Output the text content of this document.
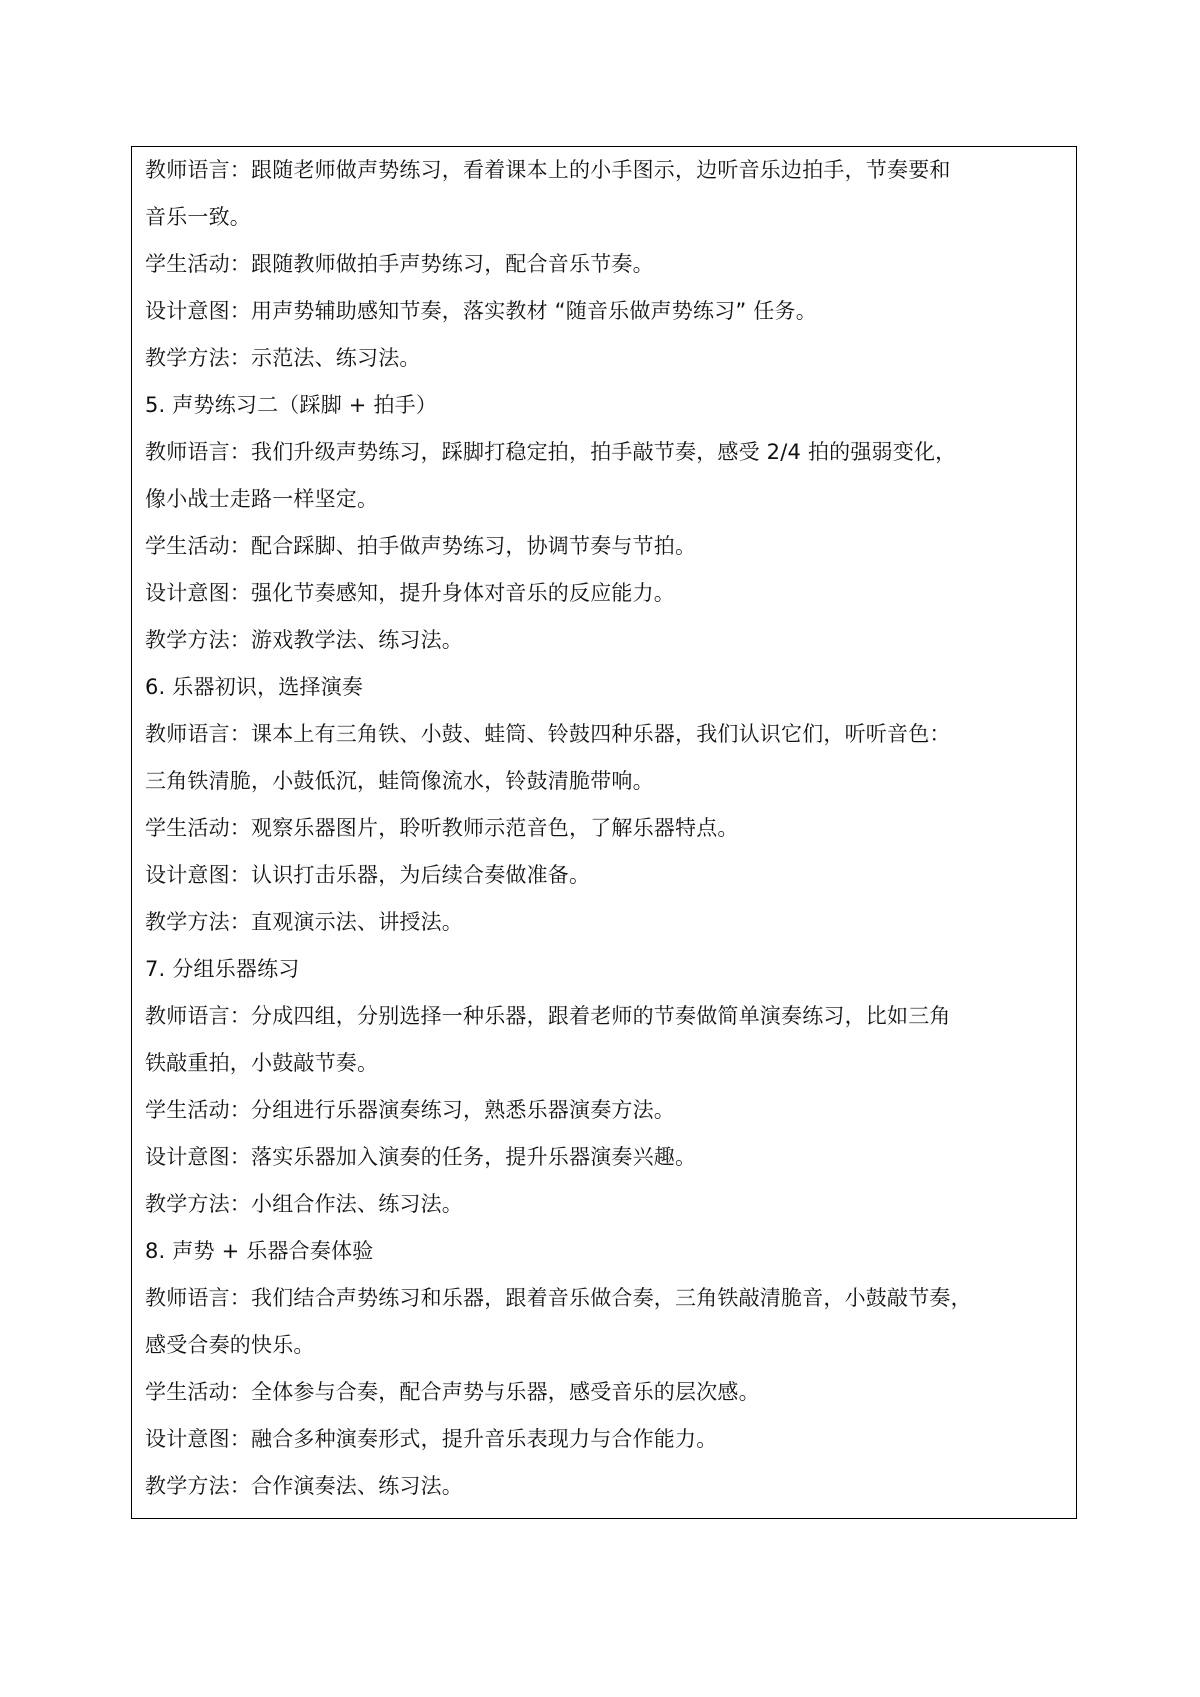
教师语言：跟随老师做声势练习，看着课本上的小手图示，边听音乐边拍手，节奏要和
音乐一致。
学生活动：跟随教师做拍手声势练习，配合音乐节奏。
设计意图：用声势辅助感知节奏，落实教材 “随音乐做声势练习” 任务。
教学方法：示范法、练习法。
5. 声势练习二（踩脚 + 拍手）
教师语言：我们升级声势练习，踩脚打稳定拍，拍手敲节奏，感受 2/4 拍的强弱变化，
像小战士走路一样坚定。
学生活动：配合踩脚、拍手做声势练习，协调节奏与节拍。
设计意图：强化节奏感知，提升身体对音乐的反应能力。
教学方法：游戏教学法、练习法。
6. 乐器初识，选择演奏
教师语言：课本上有三角铁、小鼓、蛙筒、铃鼓四种乐器，我们认识它们，听听音色：
三角铁清脆，小鼓低沉，蛙筒像流水，铃鼓清脆带响。
学生活动：观察乐器图片，聆听教师示范音色，了解乐器特点。
设计意图：认识打击乐器，为后续合奏做准备。
教学方法：直观演示法、讲授法。
7. 分组乐器练习
教师语言：分成四组，分别选择一种乐器，跟着老师的节奏做简单演奏练习，比如三角
铁敲重拍，小鼓敲节奏。
学生活动：分组进行乐器演奏练习，熟悉乐器演奏方法。
设计意图：落实乐器加入演奏的任务，提升乐器演奏兴趣。
教学方法：小组合作法、练习法。
8. 声势 + 乐器合奏体验
教师语言：我们结合声势练习和乐器，跟着音乐做合奏，三角铁敲清脆音，小鼓敲节奏，
感受合奏的快乐。
学生活动：全体参与合奏，配合声势与乐器，感受音乐的层次感。
设计意图：融合多种演奏形式，提升音乐表现力与合作能力。
教学方法：合作演奏法、练习法。
